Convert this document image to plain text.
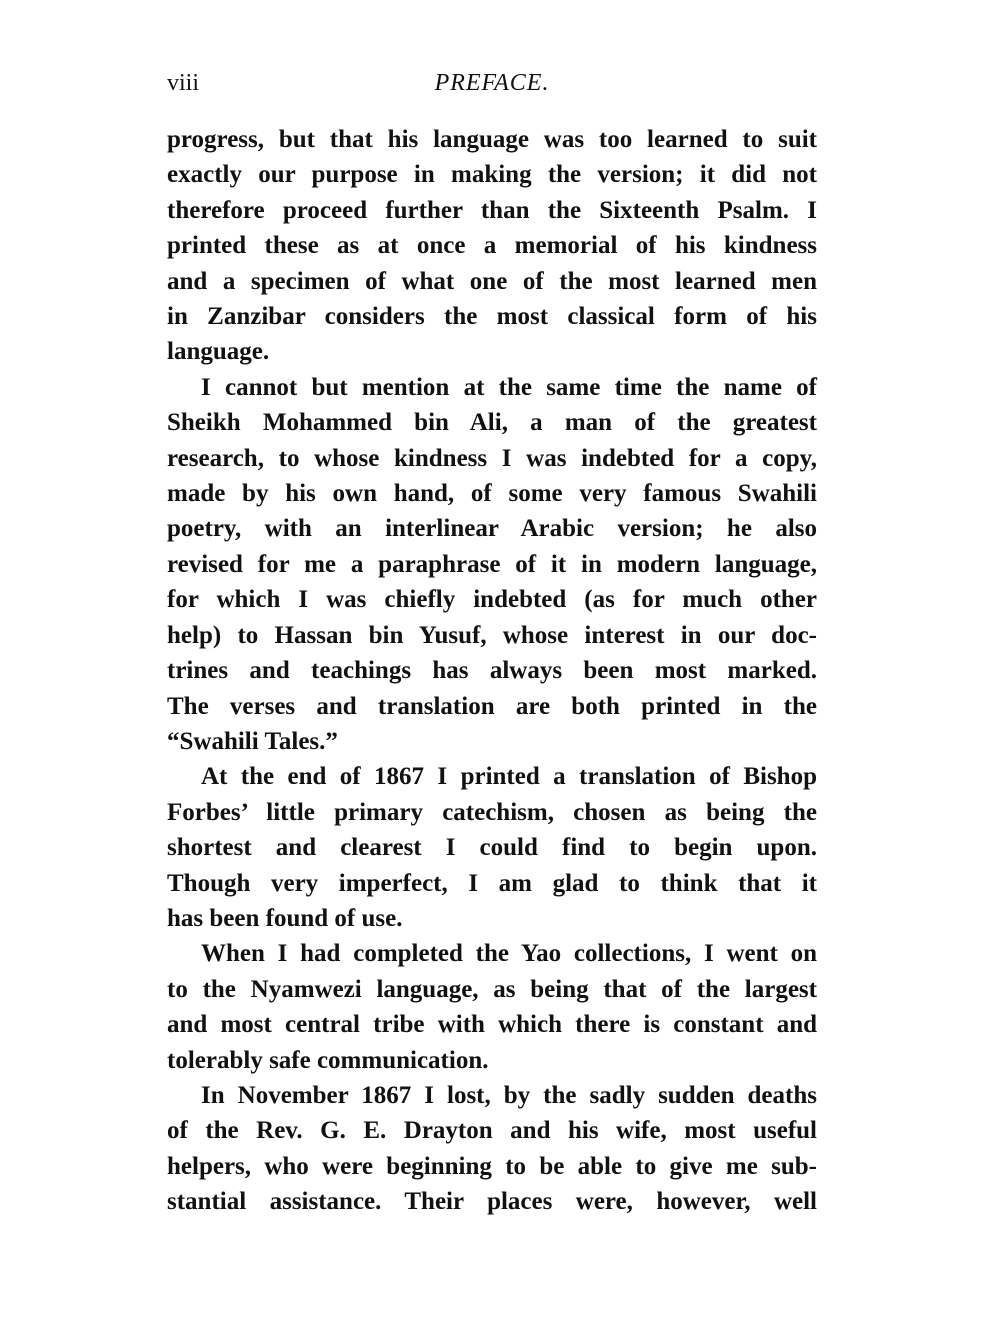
viii	PREFACE.

progress, but that his language was too learned to suit
exactly our purpose in making the version; it did not
therefore proceed further than the Sixteenth Psalm. I
printed these as at once a memorial of his kindness
and a specimen of what one of the most learned men
in Zanzibar considers the most classical form of his
language.

I cannot but mention at the same time the name of
Sheikh Mohammed bin Ali, a man of the greatest
research, to whose kindness I was indebted for a copy,
made by his own hand, of some very famous Swahili
poetry, with an interlinear Arabic version; he also
revised for me a paraphrase of it in modern language,
for which I was chiefly indebted (as for much other
help) to Hassan bin Yusuf, whose interest in our doc-
trines and teachings has always been most marked.
The verses and translation are both printed in the
“Swahili Tales.”

At the end of 1867 I printed a translation of Bishop
Forbes’ little primary catechism, chosen as being the
shortest and clearest I could find to begin upon.
Though very imperfect, I am glad to think that it
has been found of use.

When I had completed the Yao collections, I went on
to the Nyamwezi language, as being that of the largest
and most central tribe with which there is constant and
tolerably safe communication.

In November 1867 I lost, by the sadly sudden deaths
of the Rev. G. E. Drayton and his wife, most useful
helpers, who were beginning to be able to give me sub-
stantial assistance. Their places were, however, well
